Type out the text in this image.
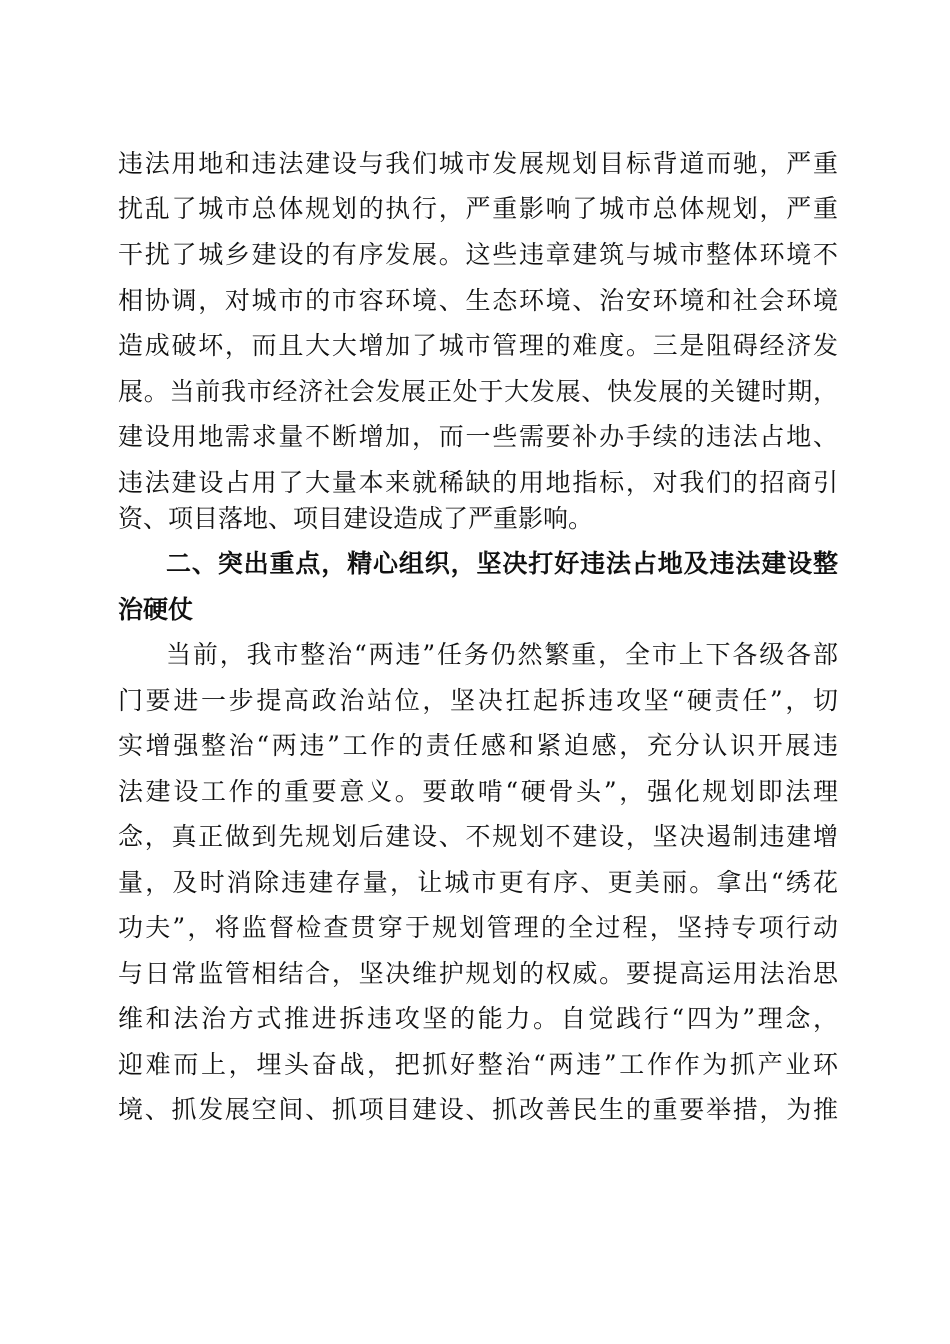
违法用地和违法建设与我们城市发展规划目标背道而驰，严重
扰乱了城市总体规划的执行，严重影响了城市总体规划，严重
干扰了城乡建设的有序发展。这些违章建筑与城市整体环境不
相协调，对城市的市容环境、生态环境、治安环境和社会环境
造成破坏，而且大大增加了城市管理的难度。三是阻碍经济发
展。当前我市经济社会发展正处于大发展、快发展的关键时期，
建设用地需求量不断增加，而一些需要补办手续的违法占地、
违法建设占用了大量本来就稀缺的用地指标，对我们的招商引
资、项目落地、项目建设造成了严重影响。
二、突出重点，精心组织，坚决打好违法占地及违法建设整
治硬仗
当前，我市整治“两违”任务仍然繁重，全市上下各级各部
门要进一步提高政治站位，坚决扛起拆违攻坚“硬责任”，切
实增强整治“两违”工作的责任感和紧迫感，充分认识开展违
法建设工作的重要意义。要敢啃“硬骨头”，强化规划即法理
念，真正做到先规划后建设、不规划不建设，坚决遏制违建增
量，及时消除违建存量，让城市更有序、更美丽。拿出“绣花
功夫”，将监督检查贯穿于规划管理的全过程，坚持专项行动
与日常监管相结合，坚决维护规划的权威。要提高运用法治思
维和法治方式推进拆违攻坚的能力。自觉践行“四为”理念，
迎难而上，埋头奋战，把抓好整治“两违”工作作为抓产业环
境、抓发展空间、抓项目建设、抓改善民生的重要举措，为推
